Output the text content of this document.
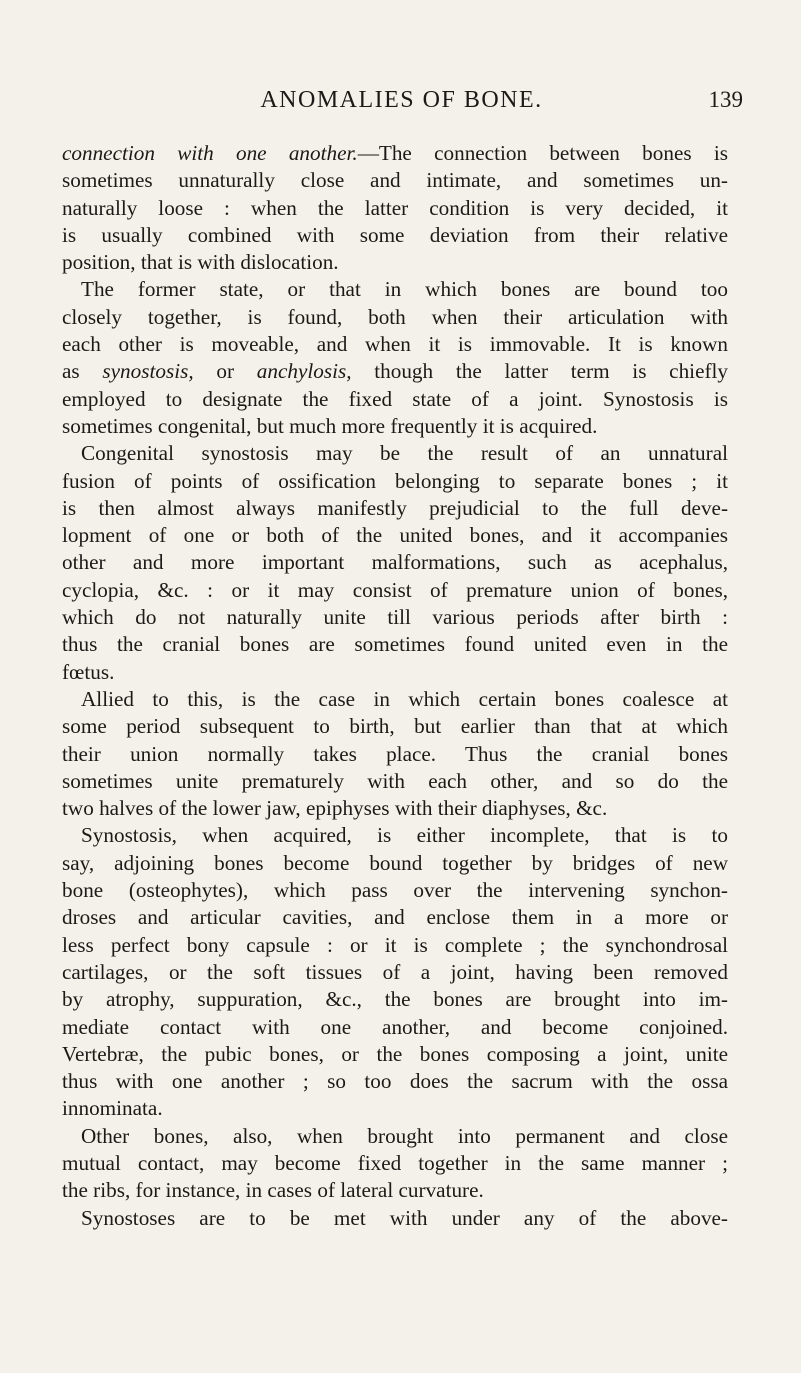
ANOMALIES OF BONE.	139
connection with one another.—The connection between bones is
sometimes unnaturally close and intimate, and sometimes un-
naturally loose : when the latter condition is very decided, it
is usually combined with some deviation from their relative
position, that is with dislocation.
The former state, or that in which bones are bound too
closely together, is found, both when their articulation with
each other is moveable, and when it is immovable. It is known
as synostosis, or anchylosis, though the latter term is chiefly
employed to designate the fixed state of a joint. Synostosis is
sometimes congenital, but much more frequently it is acquired.
Congenital synostosis may be the result of an unnatural
fusion of points of ossification belonging to separate bones ; it
is then almost always manifestly prejudicial to the full deve-
lopment of one or both of the united bones, and it accompanies
other and more important malformations, such as acephalus,
cyclopia, &c. : or it may consist of premature union of bones,
which do not naturally unite till various periods after birth :
thus the cranial bones are sometimes found united even in the
fœtus.
Allied to this, is the case in which certain bones coalesce at
some period subsequent to birth, but earlier than that at which
their union normally takes place. Thus the cranial bones
sometimes unite prematurely with each other, and so do the
two halves of the lower jaw, epiphyses with their diaphyses, &c.
Synostosis, when acquired, is either incomplete, that is to
say, adjoining bones become bound together by bridges of new
bone (osteophytes), which pass over the intervening synchon-
droses and articular cavities, and enclose them in a more or
less perfect bony capsule : or it is complete ; the synchondrosal
cartilages, or the soft tissues of a joint, having been removed
by atrophy, suppuration, &c., the bones are brought into im-
mediate contact with one another, and become conjoined.
Vertebræ, the pubic bones, or the bones composing a joint, unite
thus with one another ; so too does the sacrum with the ossa
innominata.
Other bones, also, when brought into permanent and close
mutual contact, may become fixed together in the same manner ;
the ribs, for instance, in cases of lateral curvature.
Synostoses are to be met with under any of the above-
